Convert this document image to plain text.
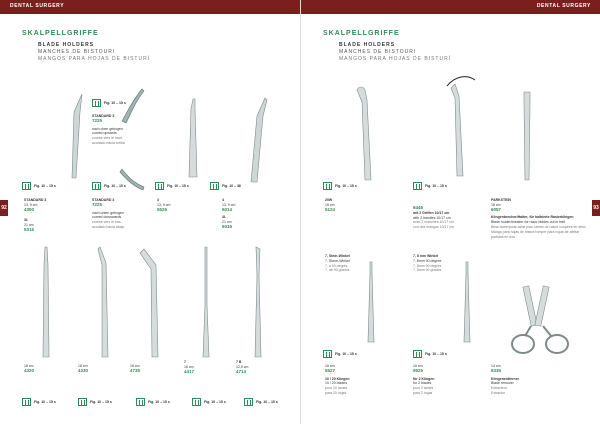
DENTAL SURGERY
92
SKALPELLGRIFFE
BLADE HOLDERS
MANCHES DE BISTOURI
MANGOS PARA HOJAS DE BISTURÍ
Fig. 10 – 15 s
Fig. 10 – 15 s	Fig. 10 – 15 s	Fig. 10 – 15 s	Fig. 10 – 36
STANDARD 3
13, 9 cm
4300
3L
21 cm
5315
STANDARD 3
7225
nach oben gebogen
curved upwards
courbé vers le haut
acodado hacia arriba
STANDARD 3
7225
nach unten gebogen
curved downwards
courbé vers le bas
acodado hacia abajo
3
13, 9 cm
5525
4
13, 9 cm
6014
4L
21 cm
6015
16 cm
4320
16 cm
4330
16 cm
4735
7
16 cm
4417
7 B
12,5 cm
4714
Fig. 10 – 15 s	Fig. 10 – 15 s	Fig. 10 – 15 s	Fig. 10 – 15 s	Fig. 10 – 15 s
DENTAL SURGERY
93
SKALPELLGRIFFE
BLADE HOLDERS
MANCHES DE BISTOURI
MANGOS PARA HOJAS DE BISTURÍ
Fig. 10 – 15 s	Fig. 10 – 15 s
20W
18 cm
5124	9445
mit 2 Griffen 10/17 cm
with 2 handles 10/17 cm
avec 2 manches 10/17 cm
con dos mangos 10/17 cm
PARKSTEIN
18 cm
6057
Klingenbrecher/Halter, für halbierte Rasierklingen
Blade holder/breaker for razor blades cut in half
Brise-lame/porte-lame pour lames de rasoir coupées en deux
Mango para hojas de bisturí/romper para hojas de afeitar
partidas en dos
7, Stein-Winkel
7, Stone-Winkel
7, à 90 degrés
7, de 90 grados
7, 8 mm Winkel
7, 8mm 90 degree
7, 8mm 90 degrés
7, 8mm 90 grados
Fig. 10 – 15 s	Fig. 10 – 15 s
16 cm
5527
10 / 20 Klingen
10 / 20 blades
pour 10 lames
para 10 hojas
16 cm
9525
für 2 Klingen
for 2 blades
pour 2 lames
para 2 hojas
14 cm
6335
Klingenentferner
Blade remover
Extracteur
Extractor
